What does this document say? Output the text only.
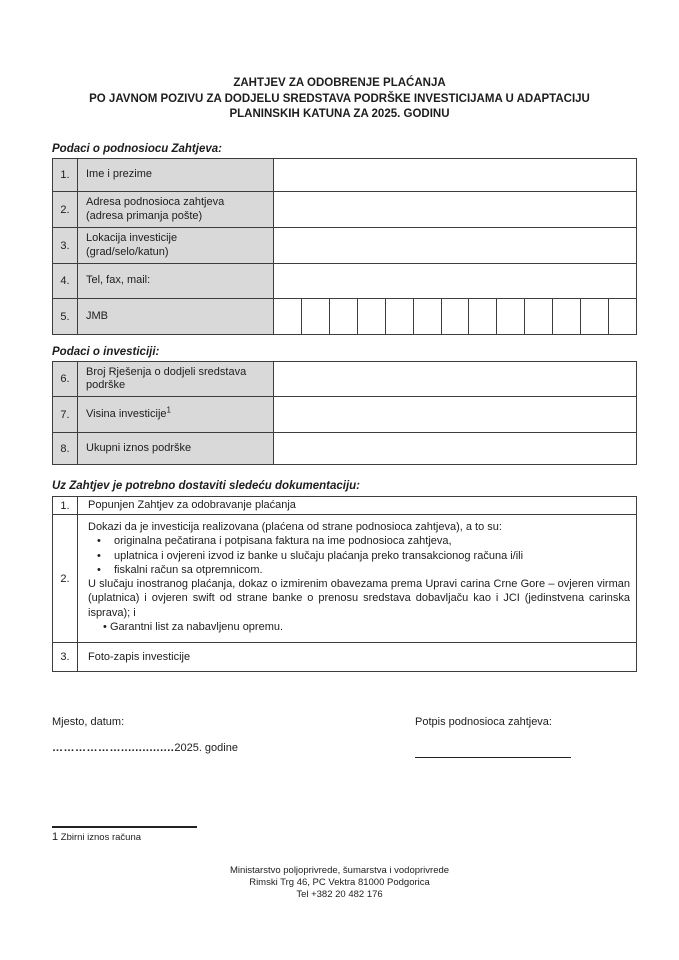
ZAHTJEV ZA ODOBRENJE PLAĆANJA
PO JAVNOM POZIVU ZA DODJELU SREDSTAVA PODRŠKE INVESTICIJAMA U ADAPTACIJU
PLANINSKIH KATUNA ZA 2025. GODINU
Podaci o podnosiocu Zahtjeva:
1.	Ime i prezime
2.
Adresa podnosioca zahtjeva
(adresa primanja pošte)
3.
Lokacija investicije
(grad/selo/katun)
4.	Tel, fax, mail:
5.	JMB
Podaci o investiciji:
6.
Broj Rješenja o dodjeli sredstava
podrške
7.	Visina investicije$^1$
8.	Ukupni iznos podrške
Uz Zahtjev je potrebno dostaviti sledeću dokumentaciju:
1.	Popunjen Zahtjev za odobravanje plaćanja
2.
Dokazi da je investicija realizovana (plaćena od strane podnosioca zahtjeva), a to su:
•	originalna pečatirana i potpisana faktura na ime podnosioca zahtjeva,
•	uplatnica i ovjereni izvod iz banke u slučaju plaćanja preko transakcionog računa i/ili
•	fiskalni račun sa otpremnicom.
U slučaju inostranog plaćanja, dokaz o izmirenim obavezama prema Upravi carina Crne Gore – ovjeren virman (uplatnica) i ovjeren swift od strane banke o prenosu sredstava dobavljaču kao i JCI (jedinstvena carinska isprava); i
• Garantni list za nabavljenu opremu.
3.	Foto-zapis investicije
Mjesto, datum:	Potpis podnosioca zahtjeva:
………………...............2025. godine
1 Zbirni iznos računa
Ministarstvo poljoprivrede, šumarstva i vodoprivrede
Rimski Trg 46, PC Vektra 81000 Podgorica
Tel +382 20 482 176
